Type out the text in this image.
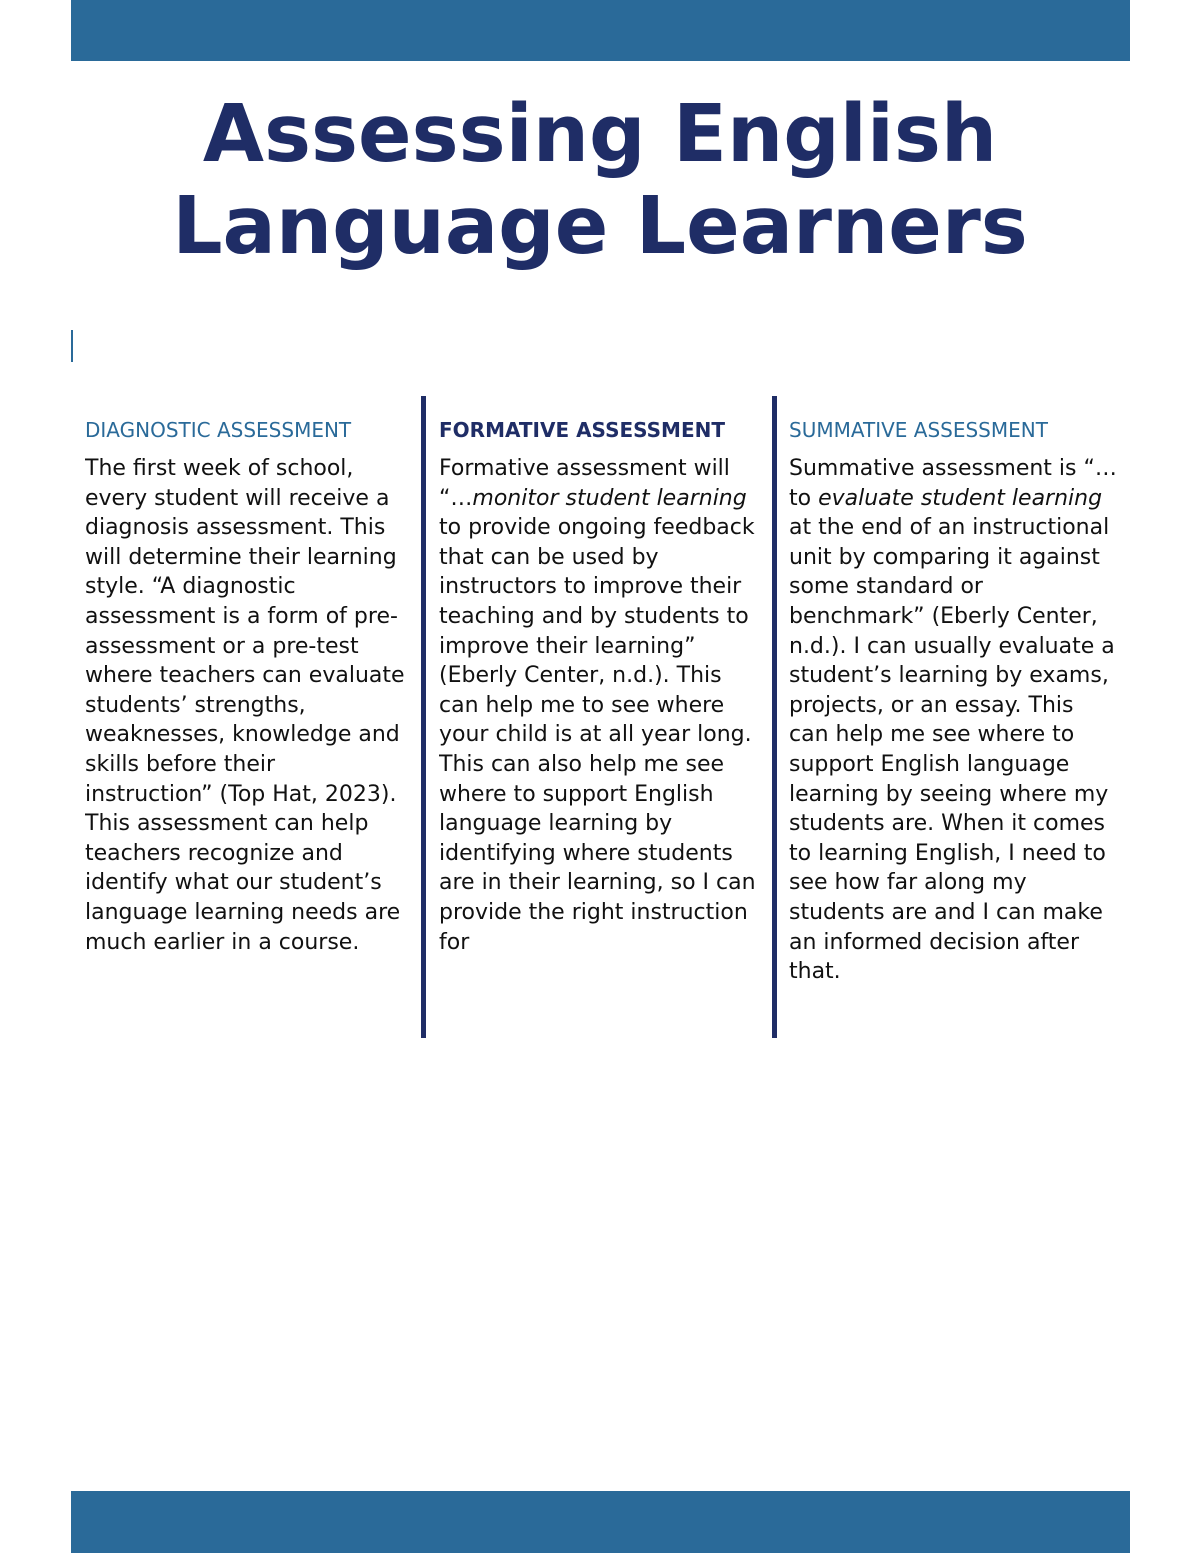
Assessing English
Language Learners
DIAGNOSTIC ASSESSMENT

The first week of school, every student will receive a diagnosis assessment. This will determine their learning style. “A diagnostic assessment is a form of pre-assessment or a pre-test where teachers can evaluate students’ strengths, weaknesses, knowledge and skills before their instruction” (Top Hat, 2023). This assessment can help teachers recognize and identify what our student’s language learning needs are much earlier in a course.

FORMATIVE ASSESSMENT

Formative assessment will “…monitor student learning to provide ongoing feedback that can be used by instructors to improve their teaching and by students to improve their learning” (Eberly Center, n.d.). This can help me to see where your child is at all year long. This can also help me see where to support English language learning by identifying where students are in their learning, so I can provide the right instruction for

SUMMATIVE ASSESSMENT

Summative assessment is “…to evaluate student learning at the end of an instructional unit by comparing it against some standard or benchmark” (Eberly Center, n.d.). I can usually evaluate a student’s learning by exams, projects, or an essay. This can help me see where to support English language learning by seeing where my students are. When it comes to learning English, I need to see how far along my students are and I can make an informed decision after that.
